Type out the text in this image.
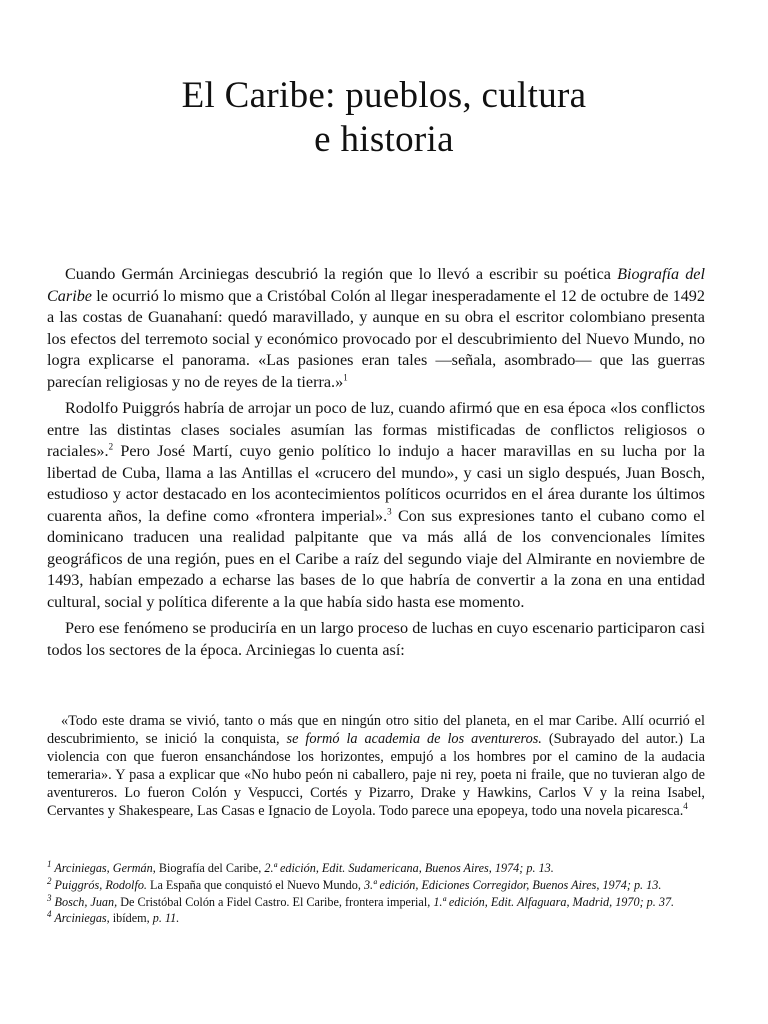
El Caribe: pueblos, cultura
e historia

Cuando Germán Arciniegas descubrió la región que lo llevó a escribir su poética Biografía del Caribe le ocurrió lo mismo que a Cristóbal Colón al llegar inesperadamente el 12 de octubre de 1492 a las costas de Guanahaní: quedó maravillado, y aunque en su obra el escritor colombiano presenta los efectos del terremoto social y económico provocado por el descubrimiento del Nuevo Mundo, no logra explicarse el panorama. «Las pasiones eran tales —señala, asombrado— que las guerras parecían religiosas y no de reyes de la tierra.»$^1$

Rodolfo Puiggrós habría de arrojar un poco de luz, cuando afirmó que en esa época «los conflictos entre las distintas clases sociales asumían las formas mistificadas de conflictos religiosos o raciales».$^2$ Pero José Martí, cuyo genio político lo indujo a hacer maravillas en su lucha por la libertad de Cuba, llama a las Antillas el «crucero del mundo», y casi un siglo después, Juan Bosch, estudioso y actor destacado en los acontecimientos políticos ocurridos en el área durante los últimos cuarenta años, la define como «frontera imperial».$^3$ Con sus expresiones tanto el cubano como el dominicano traducen una realidad palpitante que va más allá de los convencionales límites geográficos de una región, pues en el Caribe a raíz del segundo viaje del Almirante en noviembre de 1493, habían empezado a echarse las bases de lo que habría de convertir a la zona en una entidad cultural, social y política diferente a la que había sido hasta ese momento.

Pero ese fenómeno se produciría en un largo proceso de luchas en cuyo escenario participaron casi todos los sectores de la época. Arciniegas lo cuenta así:

«Todo este drama se vivió, tanto o más que en ningún otro sitio del planeta, en el mar Caribe. Allí ocurrió el descubrimiento, se inició la conquista, se formó la academia de los aventureros. (Subrayado del autor.) La violencia con que fueron ensanchándose los horizontes, empujó a los hombres por el camino de la audacia temeraria». Y pasa a explicar que «No hubo peón ni caballero, paje ni rey, poeta ni fraile, que no tuvieran algo de aventureros. Lo fueron Colón y Vespucci, Cortés y Pizarro, Drake y Hawkins, Carlos V y la reina Isabel, Cervantes y Shakespeare, Las Casas e Ignacio de Loyola. Todo parece una epopeya, todo una novela picaresca.$^4$

$^1$ Arciniegas, Germán, Biografía del Caribe, 2.ª edición, Edit. Sudamericana, Buenos Aires, 1974; p. 13.

$^2$ Puiggrós, Rodolfo. La España que conquistó el Nuevo Mundo, 3.ª edición, Ediciones Corregidor, Buenos Aires, 1974; p. 13.

$^3$ Bosch, Juan, De Cristóbal Colón a Fidel Castro. El Caribe, frontera imperial, 1.ª edición, Edit. Alfaguara, Madrid, 1970; p. 37.

$^4$ Arciniegas, ibídem, p. 11.
